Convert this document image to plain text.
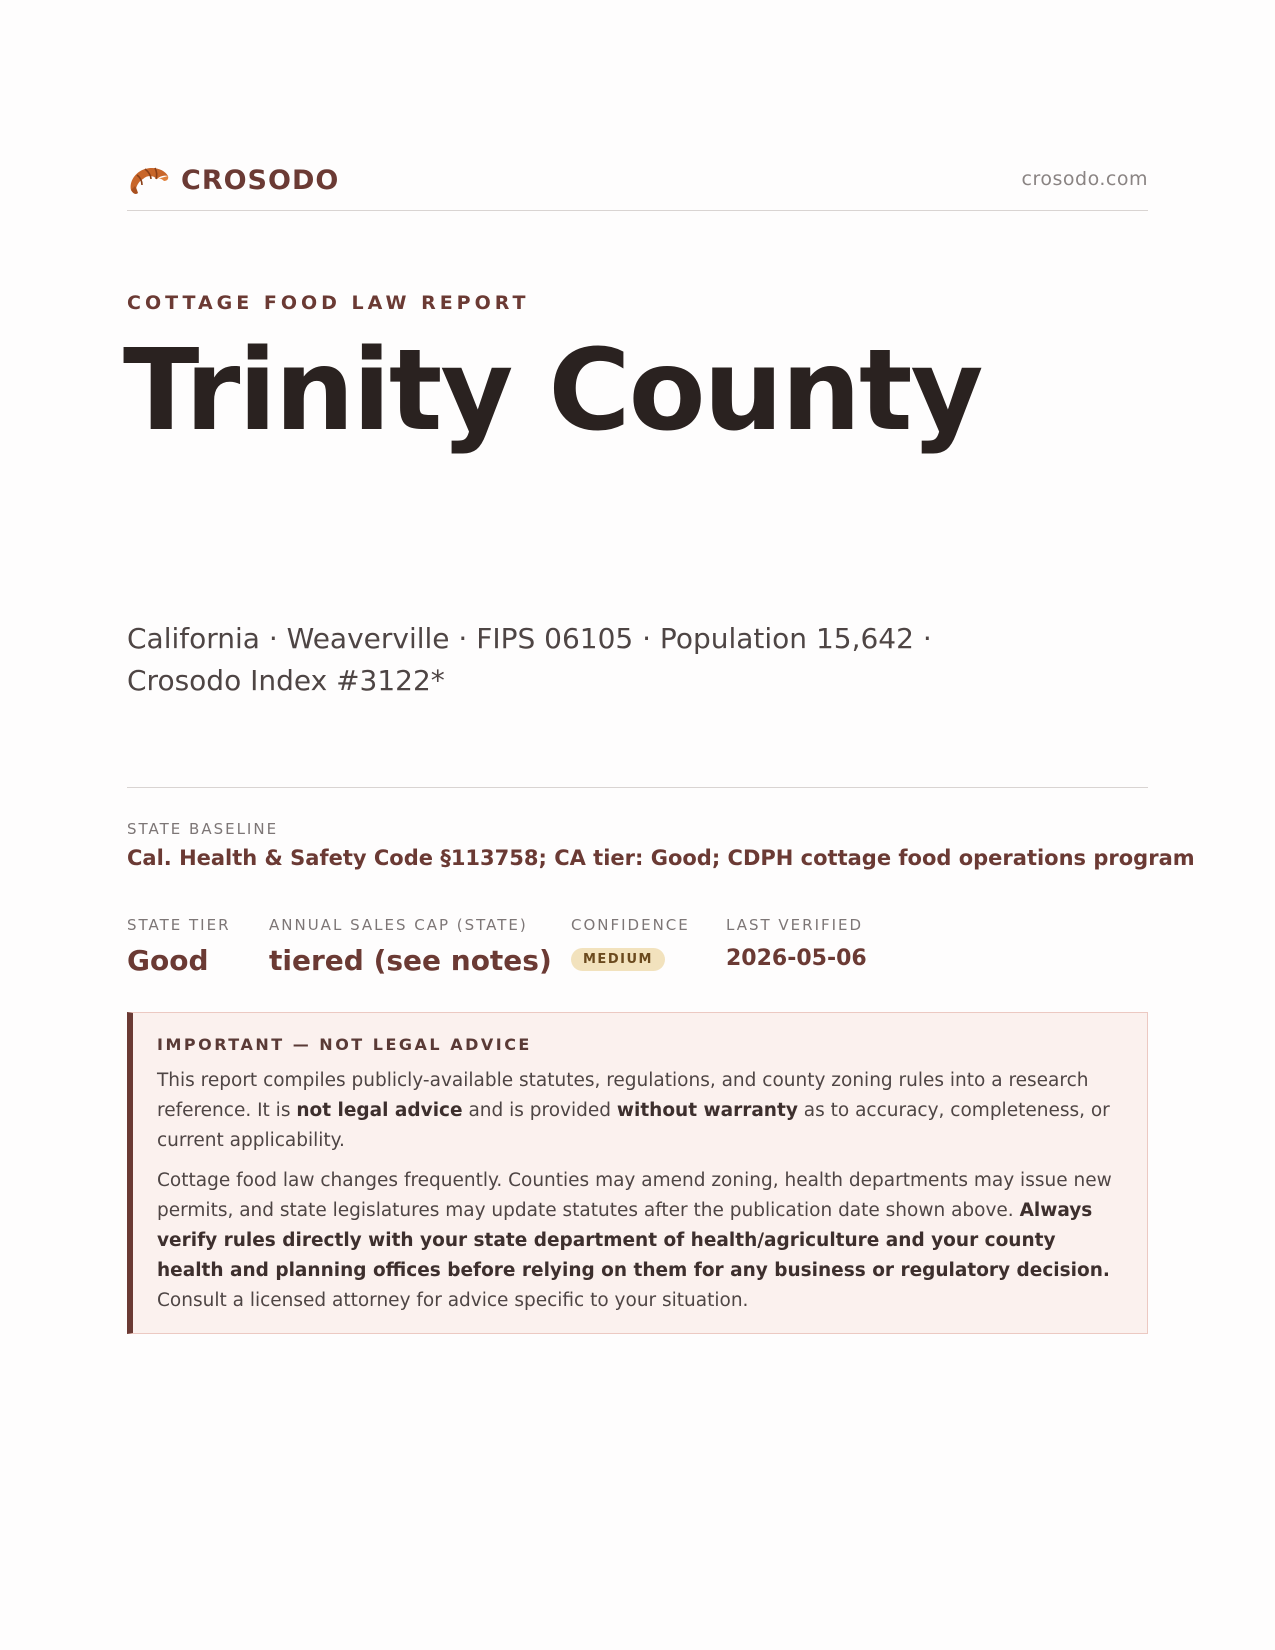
CROSODO	crosodo.com
COTTAGE FOOD LAW REPORT
Trinity County
California · Weaverville · FIPS 06105 · Population 15,642 ·
Crosodo Index #3122*
STATE BASELINE
Cal. Health & Safety Code §113758; CA tier: Good; CDPH cottage food operations program
STATE TIER
Good
ANNUAL SALES CAP (STATE)
tiered (see notes)
CONFIDENCE
MEDIUM
LAST VERIFIED
2026-05-06
IMPORTANT — NOT LEGAL ADVICE

This report compiles publicly-available statutes, regulations, and county zoning rules into a research reference. It is not legal advice and is provided without warranty as to accuracy, completeness, or current applicability.

Cottage food law changes frequently. Counties may amend zoning, health departments may issue new permits, and state legislatures may update statutes after the publication date shown above. Always verify rules directly with your state department of health/agriculture and your county health and planning offices before relying on them for any business or regulatory decision. Consult a licensed attorney for advice specific to your situation.
